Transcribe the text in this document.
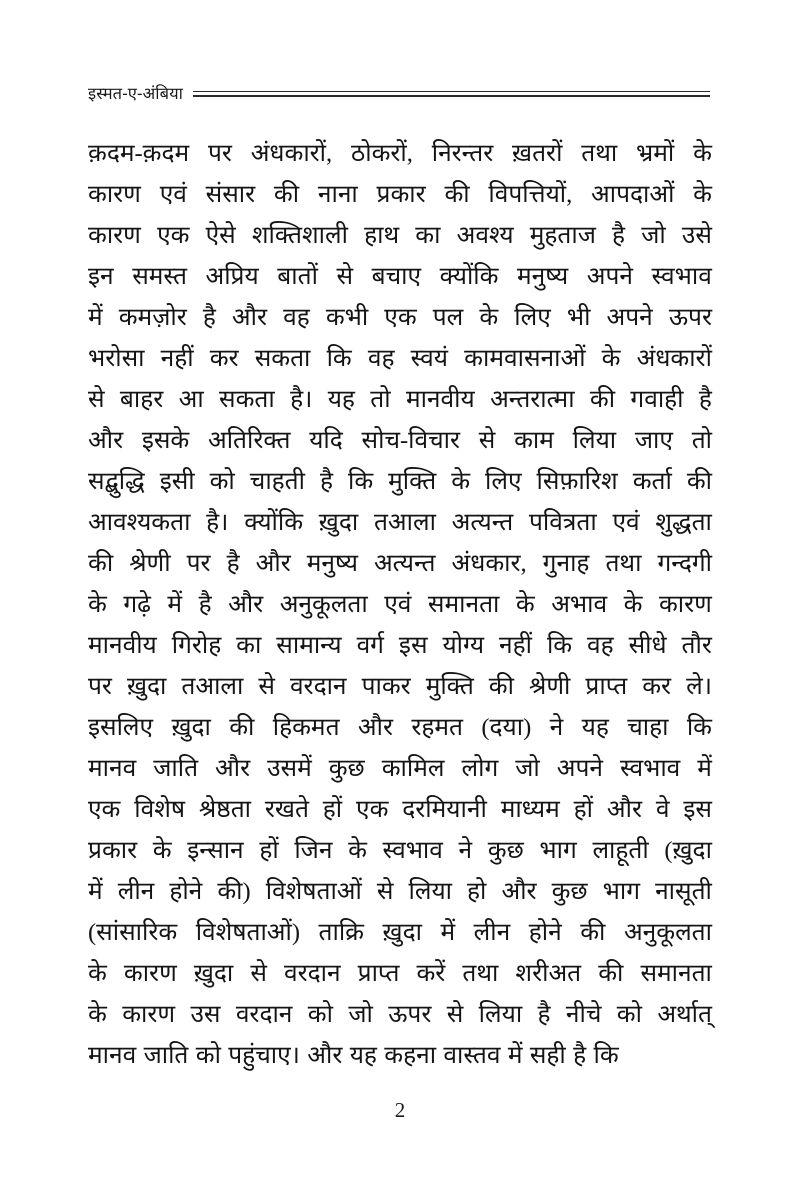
इस्मत-ए-अंबिया
क़दम-क़दम पर अंधकारों, ठोकरों, निरन्तर ख़तरों तथा भ्रमों के
कारण एवं संसार की नाना प्रकार की विपत्तियों, आपदाओं के
कारण एक ऐसे शक्तिशाली हाथ का अवश्य मुहताज है जो उसे
इन समस्त अप्रिय बातों से बचाए क्योंकि मनुष्य अपने स्वभाव
में कमज़ोर है और वह कभी एक पल के लिए भी अपने ऊपर
भरोसा नहीं कर सकता कि वह स्वयं कामवासनाओं के अंधकारों
से बाहर आ सकता है। यह तो मानवीय अन्तरात्मा की गवाही है
और इसके अतिरिक्त यदि सोच-विचार से काम लिया जाए तो
सद्बुद्धि इसी को चाहती है कि मुक्ति के लिए सिफ़ारिश कर्ता की
आवश्यकता है। क्योंकि ख़ुदा तआला अत्यन्त पवित्रता एवं शुद्धता
की श्रेणी पर है और मनुष्य अत्यन्त अंधकार, गुनाह तथा गन्दगी
के गढ़े में है और अनुकूलता एवं समानता के अभाव के कारण
मानवीय गिरोह का सामान्य वर्ग इस योग्य नहीं कि वह सीधे तौर
पर ख़ुदा तआला से वरदान पाकर मुक्ति की श्रेणी प्राप्त कर ले।
इसलिए ख़ुदा की हिकमत और रहमत (दया) ने यह चाहा कि
मानव जाति और उसमें कुछ कामिल लोग जो अपने स्वभाव में
एक विशेष श्रेष्ठता रखते हों एक दरमियानी माध्यम हों और वे इस
प्रकार के इन्सान हों जिन के स्वभाव ने कुछ भाग लाहूती (ख़ुदा
में लीन होने की) विशेषताओं से लिया हो और कुछ भाग नासूती
(सांसारिक विशेषताओं) ताक्रि ख़ुदा में लीन होने की अनुकूलता
के कारण ख़ुदा से वरदान प्राप्त करें तथा शरीअत की समानता
के कारण उस वरदान को जो ऊपर से लिया है नीचे को अर्थात्
मानव जाति को पहुंचाए। और यह कहना वास्तव में सही है कि
2
